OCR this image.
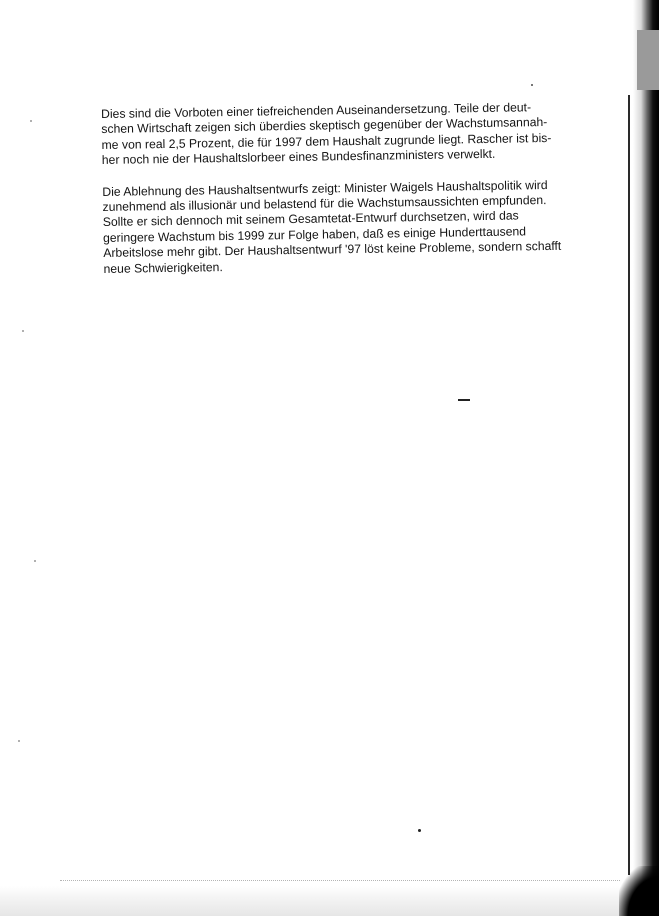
Dies sind die Vorboten einer tiefreichenden Auseinandersetzung. Teile der deut-
schen Wirtschaft zeigen sich überdies skeptisch gegenüber der Wachstumsannah-
me von real 2,5 Prozent, die für 1997 dem Haushalt zugrunde liegt. Rascher ist bis-
her noch nie der Haushaltslorbeer eines Bundesfinanzministers verwelkt.
Die Ablehnung des Haushaltsentwurfs zeigt: Minister Waigels Haushaltspolitik wird
zunehmend als illusionär und belastend für die Wachstumsaussichten empfunden.
Sollte er sich dennoch mit seinem Gesamtetat-Entwurf durchsetzen, wird das
geringere Wachstum bis 1999 zur Folge haben, daß es einige Hunderttausend
Arbeitslose mehr gibt. Der Haushaltsentwurf '97 löst keine Probleme, sondern schafft
neue Schwierigkeiten.
